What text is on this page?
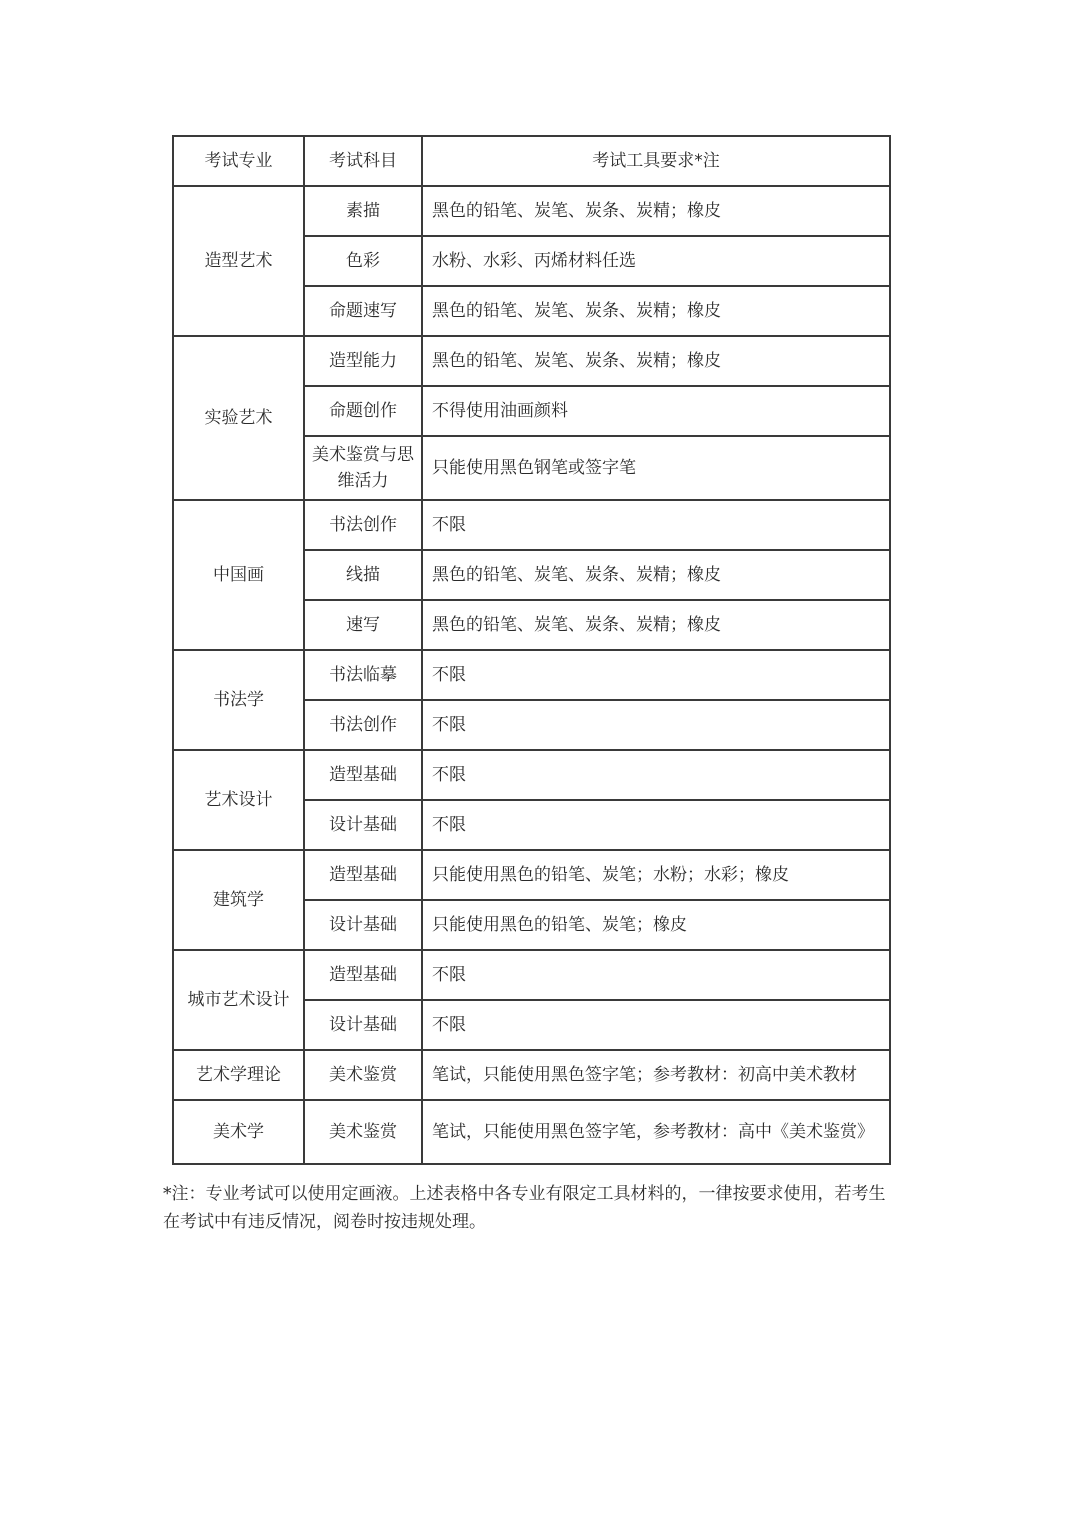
考试专业	考试科目	考试工具要求*注
造型艺术	素描	黑色的铅笔、炭笔、炭条、炭精；橡皮
	色彩	水粉、水彩、丙烯材料任选
	命题速写	黑色的铅笔、炭笔、炭条、炭精；橡皮
实验艺术	造型能力	黑色的铅笔、炭笔、炭条、炭精；橡皮
	命题创作	不得使用油画颜料
	美术鉴赏与思维活力	只能使用黑色钢笔或签字笔
中国画	书法创作	不限
	线描	黑色的铅笔、炭笔、炭条、炭精；橡皮
	速写	黑色的铅笔、炭笔、炭条、炭精；橡皮
书法学	书法临摹	不限
	书法创作	不限
艺术设计	造型基础	不限
	设计基础	不限
建筑学	造型基础	只能使用黑色的铅笔、炭笔；水粉；水彩；橡皮
	设计基础	只能使用黑色的铅笔、炭笔；橡皮
城市艺术设计	造型基础	不限
	设计基础	不限
艺术学理论	美术鉴赏	笔试，只能使用黑色签字笔；参考教材：初高中美术教材
美术学	美术鉴赏	笔试，只能使用黑色签字笔，参考教材：高中《美术鉴赏》
*注：专业考试可以使用定画液。上述表格中各专业有限定工具材料的，一律按要求使用，若考生在考试中有违反情况，阅卷时按违规处理。
